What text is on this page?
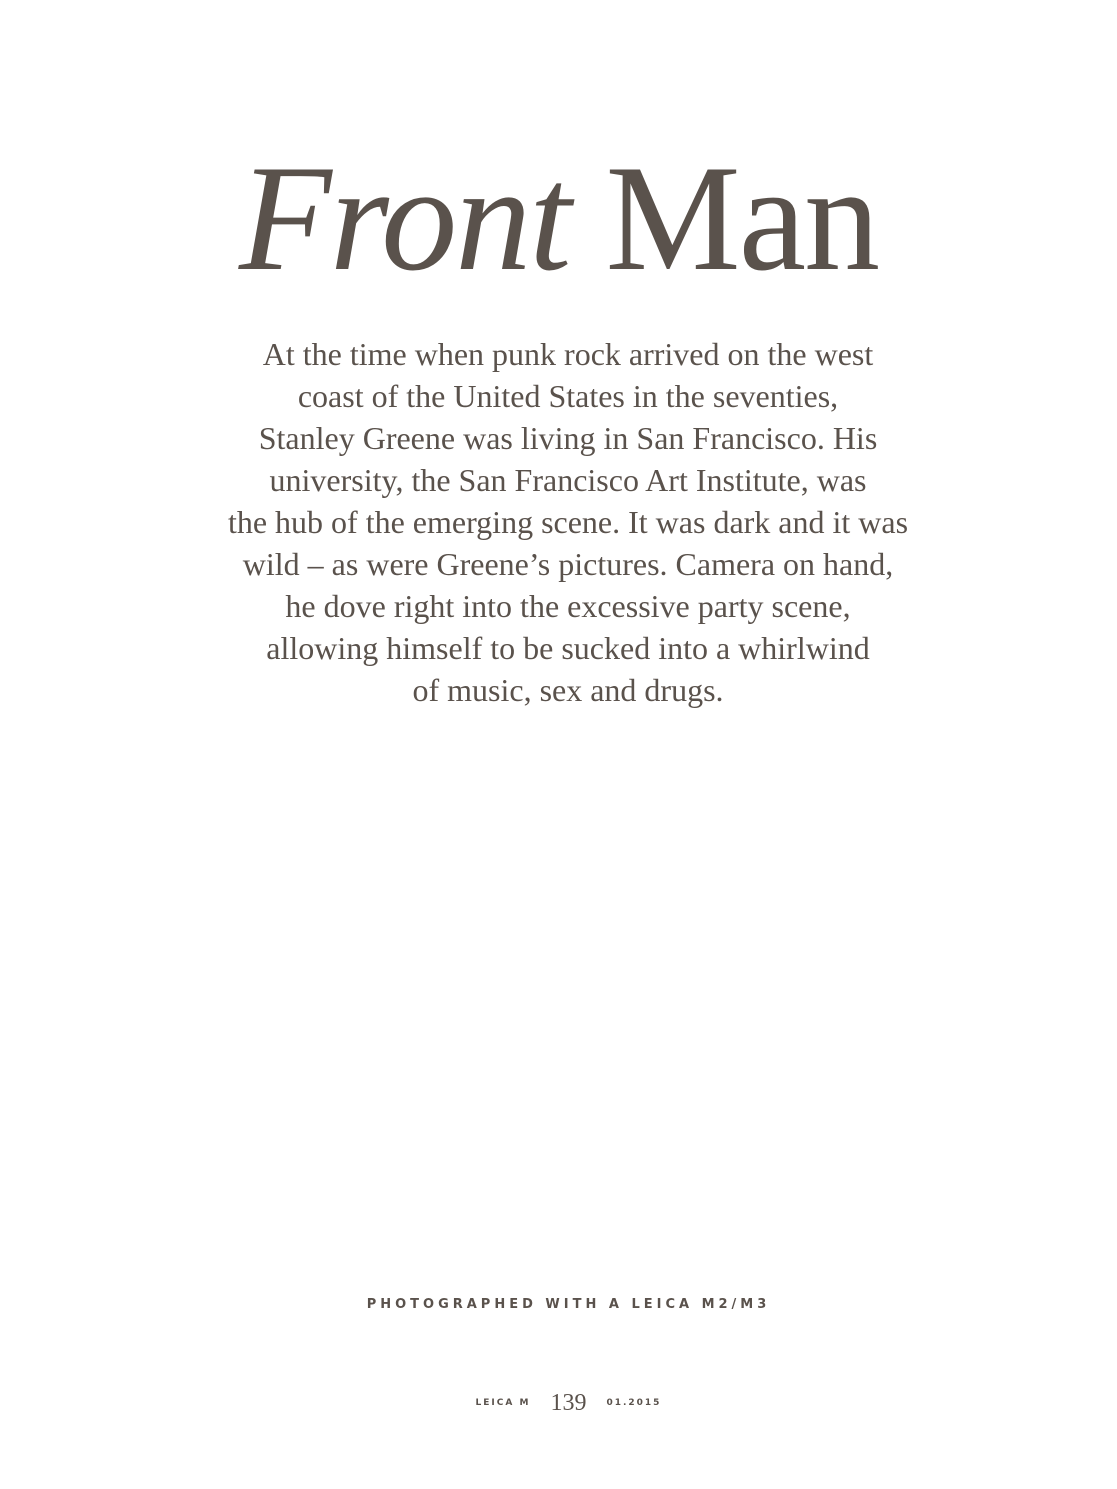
Front Man
At the time when punk rock arrived on the west
coast of the United States in the seventies,
Stanley Greene was living in San Francisco. His
university, the San Francisco Art Institute, was
the hub of the emerging scene. It was dark and it was
wild – as were Greene’s pictures. Camera on hand,
he dove right into the excessive party scene,
allowing himself to be sucked into a whirlwind
of music, sex and drugs.
PHOTOGRAPHED WITH A LEICA M2/M3
LEICA M 139 01.2015
